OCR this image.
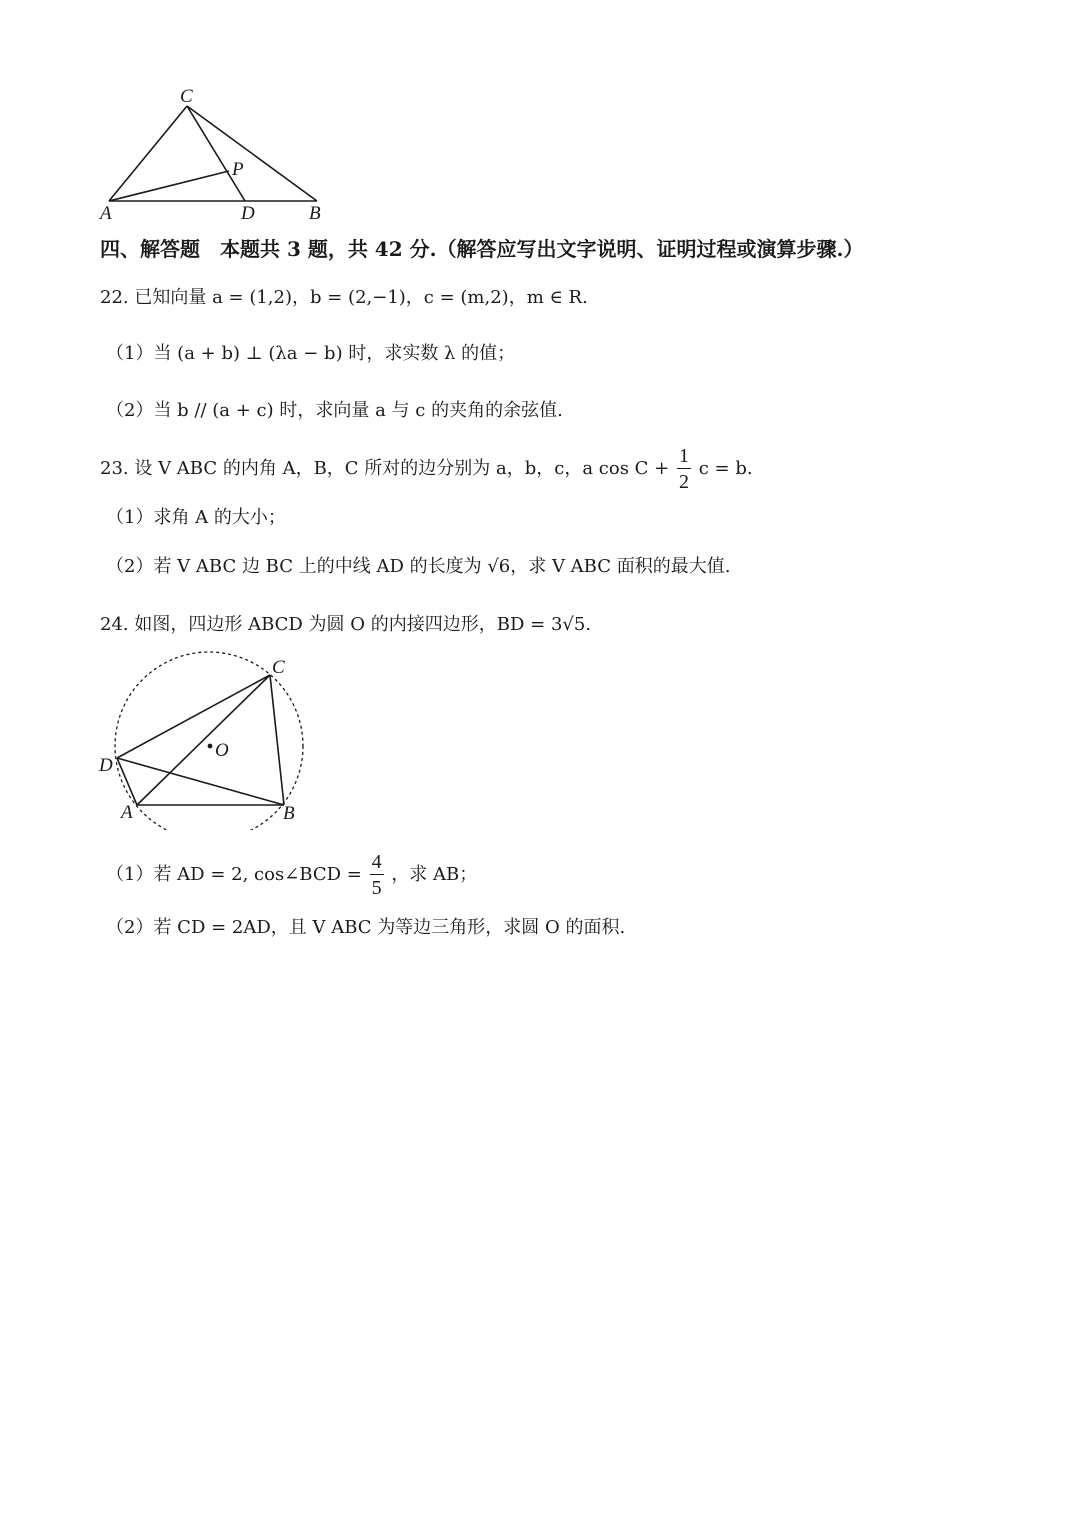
C
P
A	D	B
四、解答题　本题共 3 题，共 42 分.（解答应写出文字说明、证明过程或演算步骤.）
22. 已知向量 a = (1,2)，b = (2,−1)，c = (m,2)，m ∈ R.
（1）当 (a + b) ⊥ (λa − b) 时，求实数 λ 的值；
（2）当 b // (a + c) 时，求向量 a 与 c 的夹角的余弦值.
23. 设 V ABC 的内角 A，B，C 所对的边分别为 a，b，c，a $\cos C + \frac{1}{2}$ c = b.
（1）求角 A 的大小；
（2）若 V ABC 边 BC 上的中线 AD 的长度为 √6，求 V ABC 面积的最大值.
24. 如图，四边形 ABCD 为圆 O 的内接四边形，BD = 3√5.
O
C
D
A	B
（1）若 AD = 2, cos∠BCD = $\frac{4}{5}$ ，求 AB；
（2）若 CD = 2AD，且 V ABC 为等边三角形，求圆 O 的面积.
